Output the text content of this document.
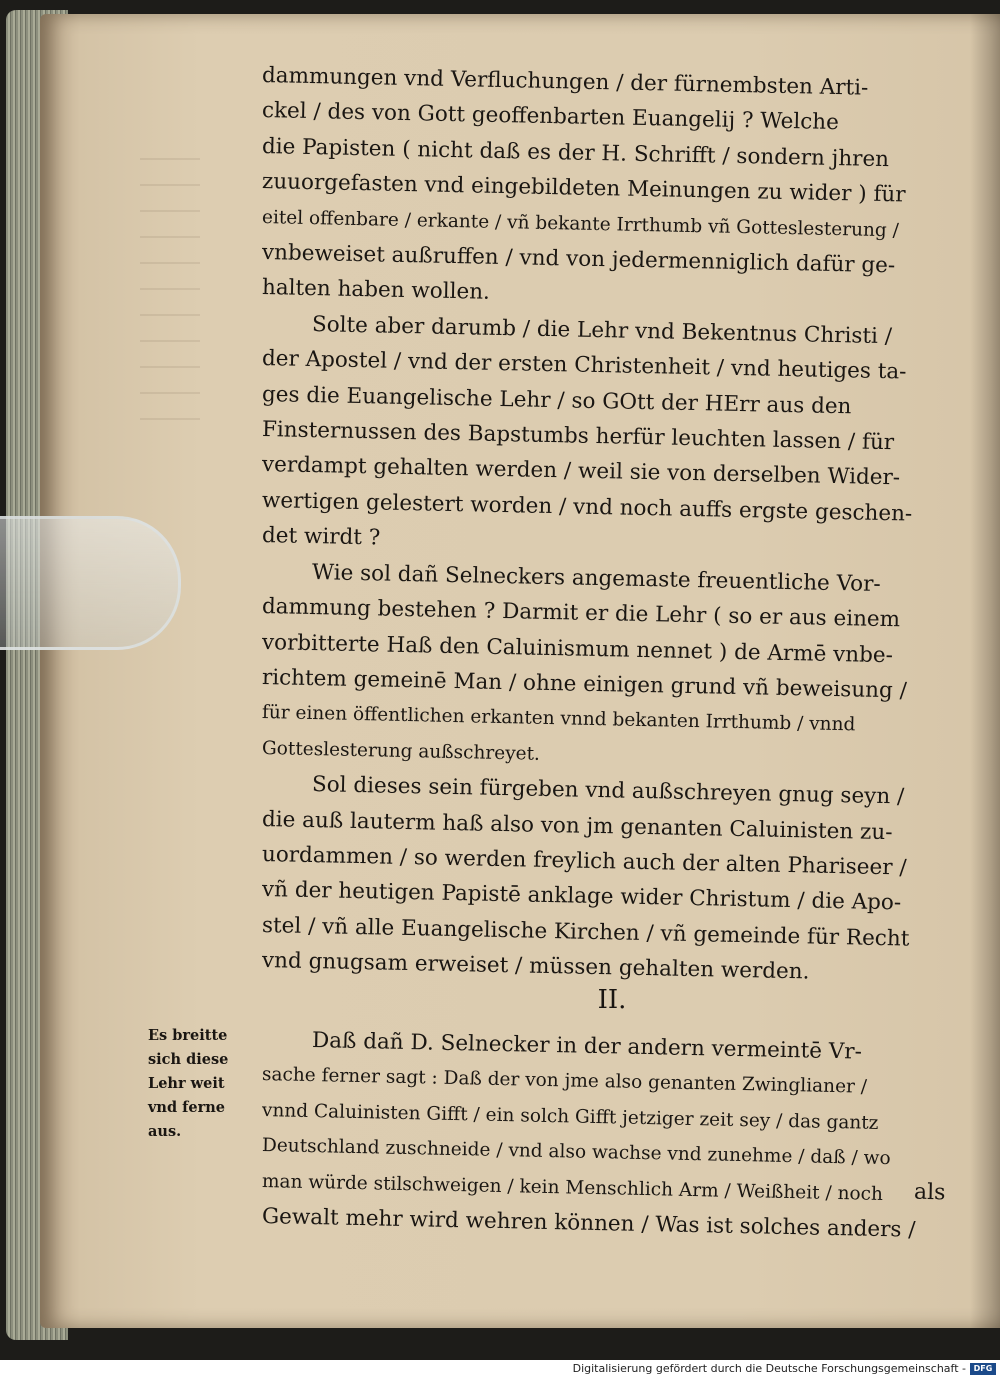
dammungen vnd Verfluchungen / der fürnembsten Arti-
ckel / des von Gott geoffenbarten Euangelij ? Welche
die Papisten ( nicht daß es der H. Schrifft / sondern jhren
zuuorgefasten vnd eingebildeten Meinungen zu wider ) für
eitel offenbare / erkante / vñ bekante Irrthumb vñ Gotteslesterung /
vnbeweiset außruffen / vnd von jedermenniglich dafür ge-
halten haben wollen.
Solte aber darumb / die Lehr vnd Bekentnus Christi /
der Apostel / vnd der ersten Christenheit / vnd heutiges ta-
ges die Euangelische Lehr / so GOtt der HErr aus den
Finsternussen des Bapstumbs herfür leuchten lassen / für
verdampt gehalten werden / weil sie von derselben Wider-
wertigen gelestert worden / vnd noch auffs ergste geschen-
det wirdt ?
Wie sol dañ Selneckers angemaste freuentliche Vor-
dammung bestehen ? Darmit er die Lehr ( so er aus einem
vorbitterte Haß den Caluinismum nennet ) de Armē vnbe-
richtem gemeinē Man / ohne einigen grund vñ beweisung /
für einen öffentlichen erkanten vnnd bekanten Irrthumb / vnnd
Gotteslesterung außschreyet.
Sol dieses sein fürgeben vnd außschreyen gnug seyn /
die auß lauterm haß also von jm genanten Caluinisten zu-
uordammen / so werden freylich auch der alten Phariseer /
vñ der heutigen Papistē anklage wider Christum / die Apo-
stel / vñ alle Euangelische Kirchen / vñ gemeinde für Recht
vnd gnugsam erweiset / müssen gehalten werden.
II.
Daß dañ D. Selnecker in der andern vermeintē Vr-
sache ferner sagt : Daß der von jme also genanten Zwinglianer /
vnnd Caluinisten Gifft / ein solch Gifft jetziger zeit sey / das gantz
Deutschland zuschneide / vnd also wachse vnd zunehme / daß / wo
man würde stilschweigen / kein Menschlich Arm / Weißheit / noch
Gewalt mehr wird wehren können / Was ist solches anders /
als
Es breitte
sich diese
Lehr weit
vnd ferne
aus.
Digitalisierung gefördert durch die Deutsche Forschungsgemeinschaft - DFG
